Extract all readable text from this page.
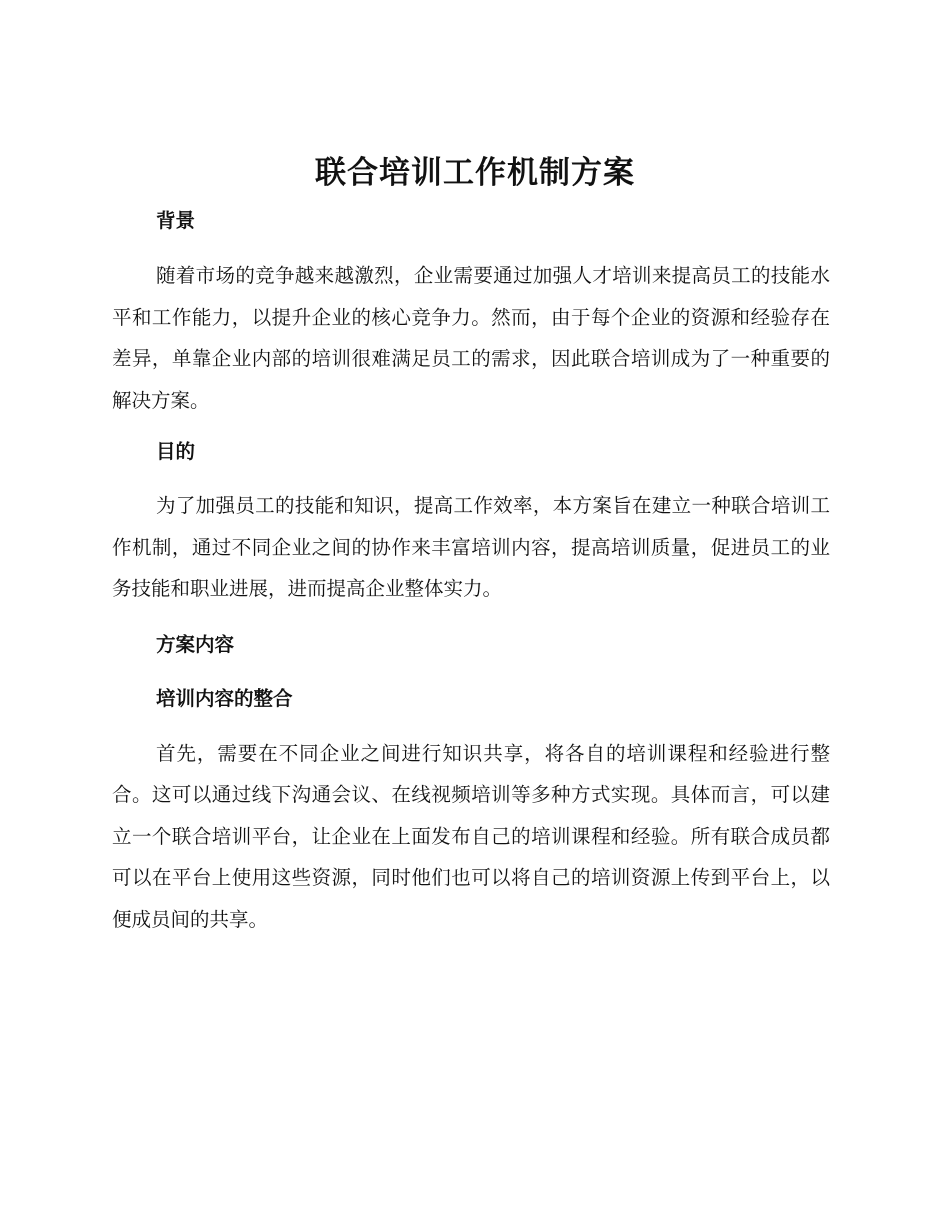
联合培训工作机制方案
背景

随着市场的竞争越来越激烈，企业需要通过加强人才培训来提高员工的技能水平和工作能力，以提升企业的核心竞争力。然而，由于每个企业的资源和经验存在差异，单靠企业内部的培训很难满足员工的需求，因此联合培训成为了一种重要的解决方案。

目的

为了加强员工的技能和知识，提高工作效率，本方案旨在建立一种联合培训工作机制，通过不同企业之间的协作来丰富培训内容，提高培训质量，促进员工的业务技能和职业进展，进而提高企业整体实力。

方案内容
培训内容的整合

首先，需要在不同企业之间进行知识共享，将各自的培训课程和经验进行整合。这可以通过线下沟通会议、在线视频培训等多种方式实现。具体而言，可以建立一个联合培训平台，让企业在上面发布自己的培训课程和经验。所有联合成员都可以在平台上使用这些资源，同时他们也可以将自己的培训资源上传到平台上，以便成员间的共享。
